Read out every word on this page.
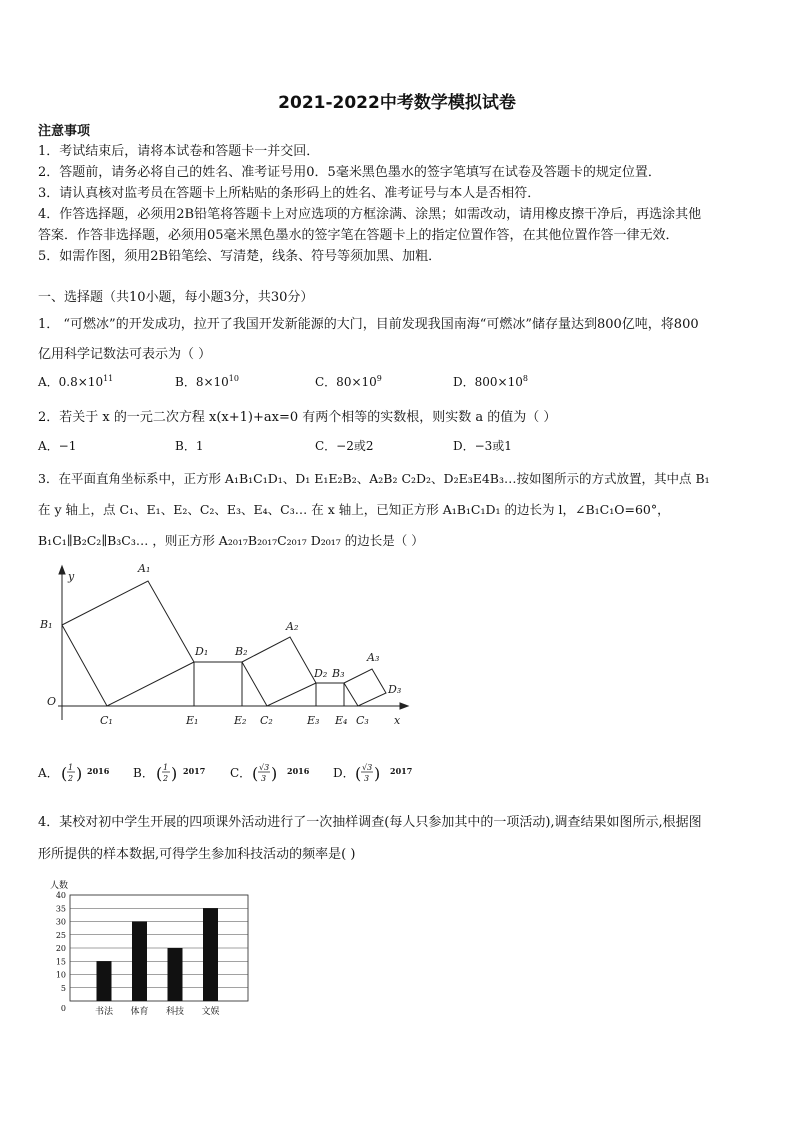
2021-2022中考数学模拟试卷
注意事项
1．考试结束后，请将本试卷和答题卡一并交回．
2．答题前，请务必将自己的姓名、准考证号用0．5毫米黑色墨水的签字笔填写在试卷及答题卡的规定位置．
3．请认真核对监考员在答题卡上所粘贴的条形码上的姓名、准考证号与本人是否相符．
4．作答选择题，必须用2B铅笔将答题卡上对应选项的方框涂满、涂黑；如需改动，请用橡皮擦干净后，再选涂其他
答案．作答非选择题，必须用05毫米黑色墨水的签字笔在答题卡上的指定位置作答，在其他位置作答一律无效．
5．如需作图，须用2B铅笔绘、写清楚，线条、符号等须加黑、加粗．
一、选择题（共10小题，每小题3分，共30分）
1． “可燃冰”的开发成功，拉开了我国开发新能源的大门，目前发现我国南海“可燃冰”储存量达到800亿吨，将800
亿用科学记数法可表示为（ ）
A．$0.8\times 10^{11}$	B．$8\times 10^{10}$	C．$80\times 10^9$	D．$800\times 10^8$
2．若关于 x 的一元二次方程 x(x+1)+ax=0 有两个相等的实数根，则实数 a 的值为（ ）
A．−1	B．1	C．−2或2	D．−3或1
3．在平面直角坐标系中，正方形 A₁B₁C₁D₁、D₁ E₁E₂B₂、A₂B₂ C₂D₂、D₂E₃E4B₃…按如图所示的方式放置，其中点 B₁
在 y 轴上，点 C₁、E₁、E₂、C₂、E₃、E₄、C₃… 在 x 轴上，已知正方形 A₁B₁C₁D₁ 的边长为 l，∠B₁C₁O=60°，
B₁C₁∥B₂C₂∥B₃C₃… ，则正方形 A₂₀₁₇B₂₀₁₇C₂₀₁₇ D₂₀₁₇ 的边长是（ ）
y
x
O
A₁
B₁
C₁
D₁
E₁
B₂
E₂
A₂
C₂
D₂ B₃
E₃ E₄
A₃
C₃
D₃
A． ( 1
2 ) 2016 B． ( 1
2 ) 2017 C． ( √3
3 ) 2016 D． ( √3
3 ) 2017
4．某校对初中学生开展的四项课外活动进行了一次抽样调查(每人只参加其中的一项活动),调查结果如图所示,根据图
形所提供的样本数据,可得学生参加科技活动的频率是( )
人数
0
5
10
15
20
25
30
35
40
书法 体育 科技 文娱
